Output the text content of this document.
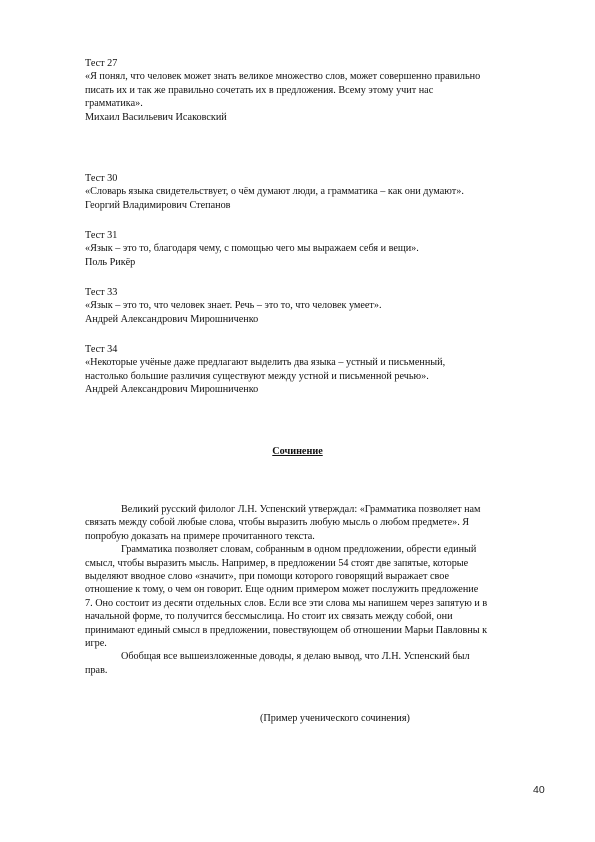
Тест 27
«Я понял, что человек может знать великое множество слов, может совершенно правильно
писать их и так же правильно сочетать их в предложения. Всему этому учит нас
грамматика».
Михаил Васильевич Исаковский
Тест 30
«Словарь языка свидетельствует, о чём думают люди, а грамматика – как они думают».
Георгий Владимирович Степанов
Тест 31
«Язык – это то, благодаря чему, с помощью чего мы выражаем себя и вещи».
Поль Рикёр
Тест 33
«Язык – это то, что человек знает. Речь – это то, что человек умеет».
Андрей Александрович Мирошниченко
Тест 34
«Некоторые учёные даже предлагают выделить два языка – устный и письменный,
настолько большие различия существуют между устной и письменной речью».
Андрей Александрович Мирошниченко
Сочинение
Великий русский филолог Л.Н. Успенский утверждал: «Грамматика позволяет нам
связать между собой любые слова, чтобы выразить любую мысль о любом предмете». Я
попробую доказать на примере прочитанного текста.
Грамматика позволяет словам, собранным в одном предложении, обрести единый
смысл, чтобы выразить мысль. Например, в предложении 54 стоят две запятые, которые
выделяют вводное слово «значит», при помощи которого говорящий выражает свое
отношение к тому, о чем он говорит. Еще одним примером может послужить предложение
7. Оно состоит из десяти отдельных слов. Если все эти слова мы напишем через запятую и в
начальной форме, то получится бессмыслица. Но стоит их связать между собой, они
принимают единый смысл в предложении, повествующем об отношении Марьи Павловны к
игре.
Обобщая все вышеизложенные доводы, я делаю вывод, что Л.Н. Успенский был
прав.
(Пример ученического сочинения)
40
